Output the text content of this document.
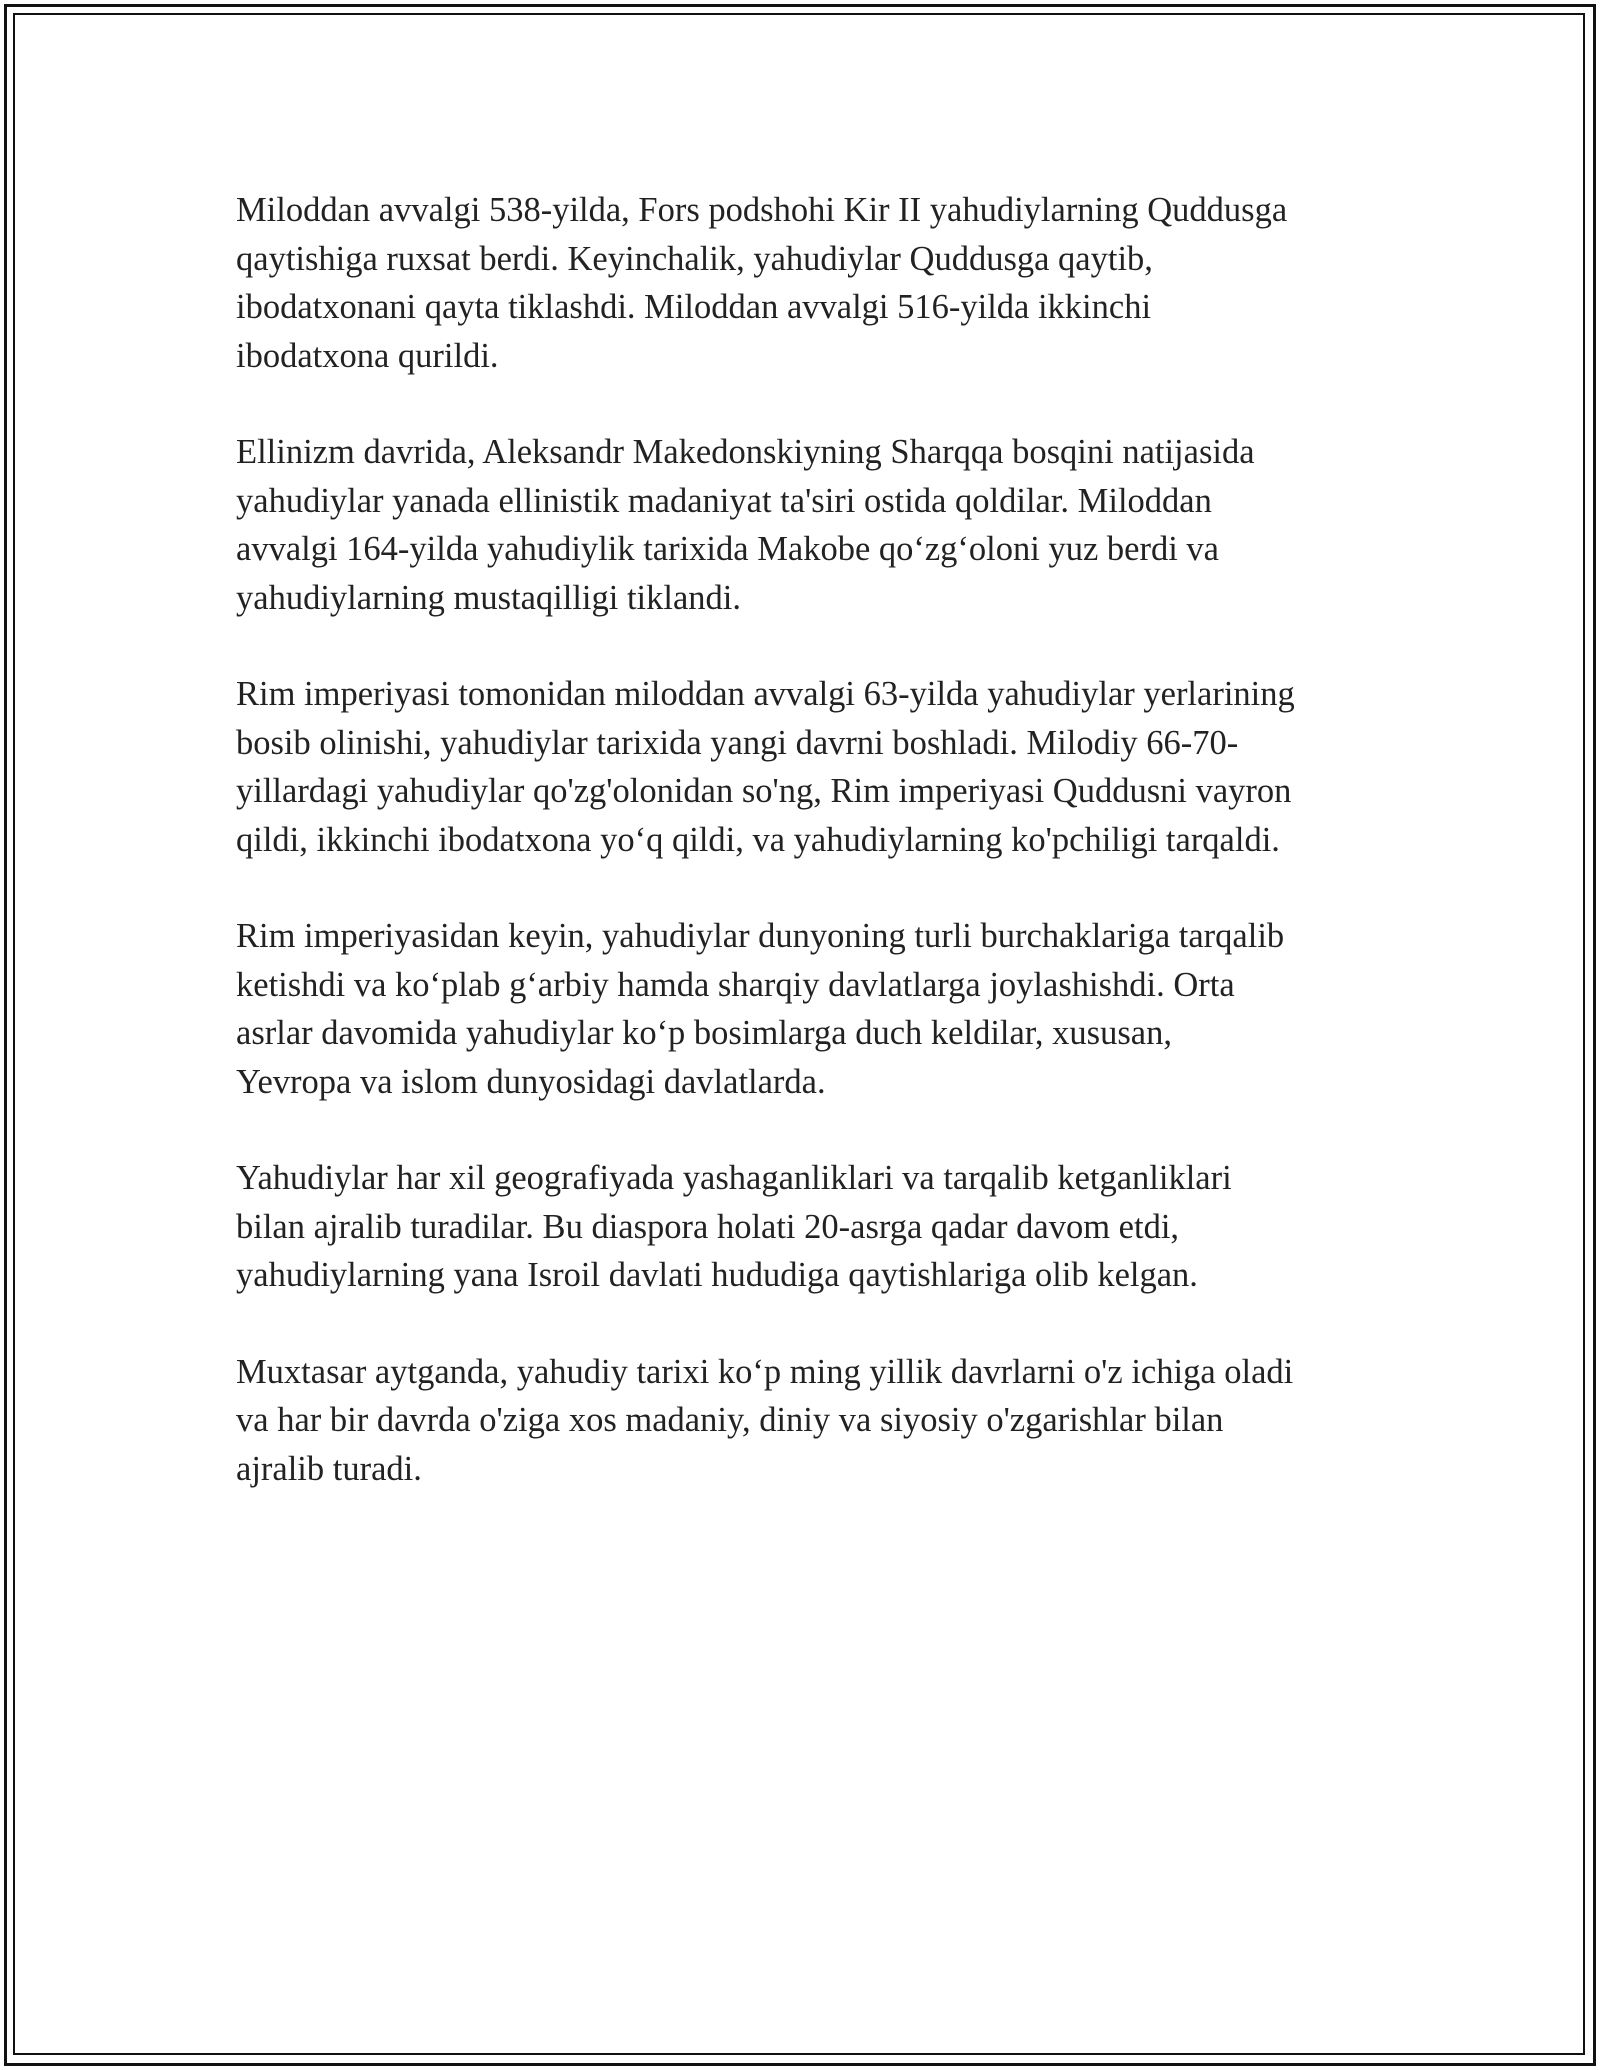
Miloddan avvalgi 538-yilda, Fors podshohi Kir II yahudiylarning Quddusga
qaytishiga ruxsat berdi. Keyinchalik, yahudiylar Quddusga qaytib,
ibodatxonani qayta tiklashdi. Miloddan avvalgi 516-yilda ikkinchi
ibodatxona qurildi.

Ellinizm davrida, Aleksandr Makedonskiyning Sharqqa bosqini natijasida
yahudiylar yanada ellinistik madaniyat ta'siri ostida qoldilar. Miloddan
avvalgi 164-yilda yahudiylik tarixida Makobe qo‘zg‘oloni yuz berdi va
yahudiylarning mustaqilligi tiklandi.

Rim imperiyasi tomonidan miloddan avvalgi 63-yilda yahudiylar yerlarining
bosib olinishi, yahudiylar tarixida yangi davrni boshladi. Milodiy 66-70-
yillardagi yahudiylar qo'zg'olonidan so'ng, Rim imperiyasi Quddusni vayron
qildi, ikkinchi ibodatxona yo‘q qildi, va yahudiylarning ko'pchiligi tarqaldi.

Rim imperiyasidan keyin, yahudiylar dunyoning turli burchaklariga tarqalib
ketishdi va ko‘plab g‘arbiy hamda sharqiy davlatlarga joylashishdi. Orta
asrlar davomida yahudiylar koʻp bosimlarga duch keldilar, xususan,
Yevropa va islom dunyosidagi davlatlarda.

Yahudiylar har xil geografiyada yashaganliklari va tarqalib ketganliklari
bilan ajralib turadilar. Bu diaspora holati 20-asrga qadar davom etdi,
yahudiylarning yana Isroil davlati hududiga qaytishlariga olib kelgan.

Muxtasar aytganda, yahudiy tarixi ko‘p ming yillik davrlarni o'z ichiga oladi
va har bir davrda o'ziga xos madaniy, diniy va siyosiy o'zgarishlar bilan
ajralib turadi.
